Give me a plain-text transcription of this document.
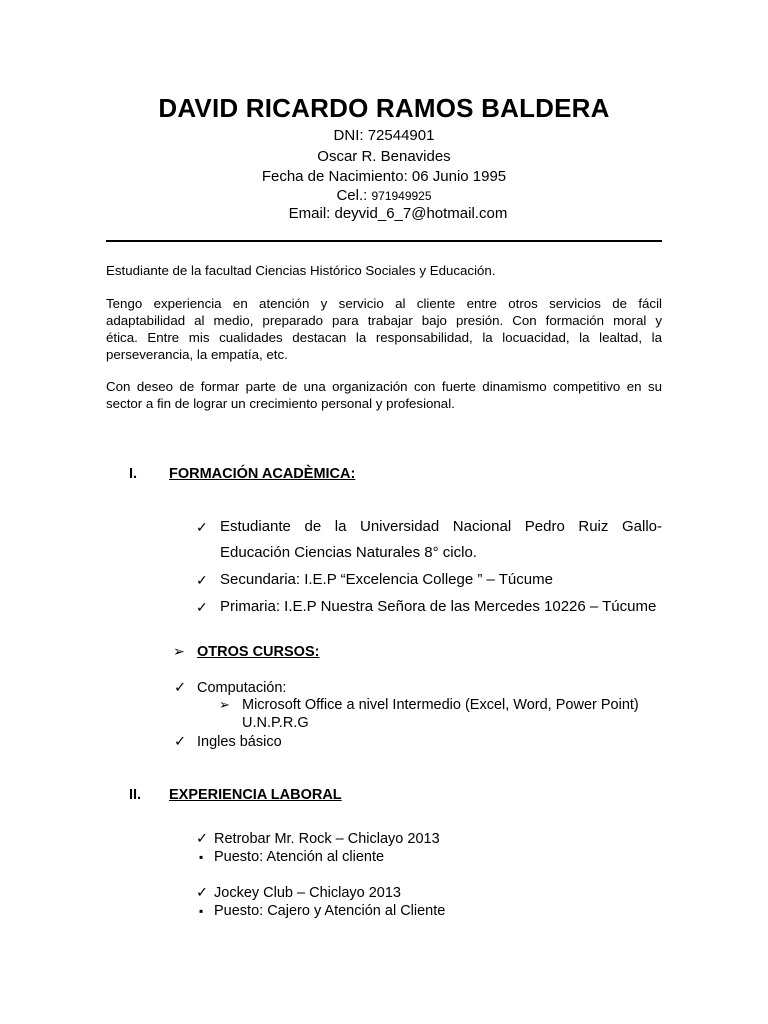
DAVID RICARDO RAMOS BALDERA
DNI: 72544901
Oscar R. Benavides
Fecha de Nacimiento: 06 Junio 1995
Cel.: 971949925
Email: deyvid_6_7@hotmail.com
Estudiante de la facultad Ciencias Histórico Sociales y Educación.
Tengo experiencia en atención y servicio al cliente entre otros servicios de fácil
adaptabilidad al medio, preparado para trabajar bajo presión. Con formación moral y
ética. Entre mis cualidades destacan la responsabilidad, la locuacidad, la lealtad, la
perseverancia, la empatía, etc.
Con deseo de formar parte de una organización con fuerte dinamismo competitivo en su
sector a fin de lograr un crecimiento personal y profesional.
I. FORMACIÓN ACADÈMICA:
✓ Estudiante de la Universidad Nacional Pedro Ruiz Gallo-
Educación Ciencias Naturales 8° ciclo.
✓ Secundaria: I.E.P “Excelencia College ” – Túcume
✓ Primaria: I.E.P Nuestra Señora de las Mercedes 10226 – Túcume
➢ OTROS CURSOS:
✓ Computación:
➢ Microsoft Office a nivel Intermedio (Excel, Word, Power Point)
U.N.P.R.G
✓ Ingles básico
II. EXPERIENCIA LABORAL
✓ Retrobar Mr. Rock – Chiclayo 2013
▪ Puesto: Atención al cliente
✓ Jockey Club – Chiclayo 2013
▪ Puesto: Cajero y Atención al Cliente
